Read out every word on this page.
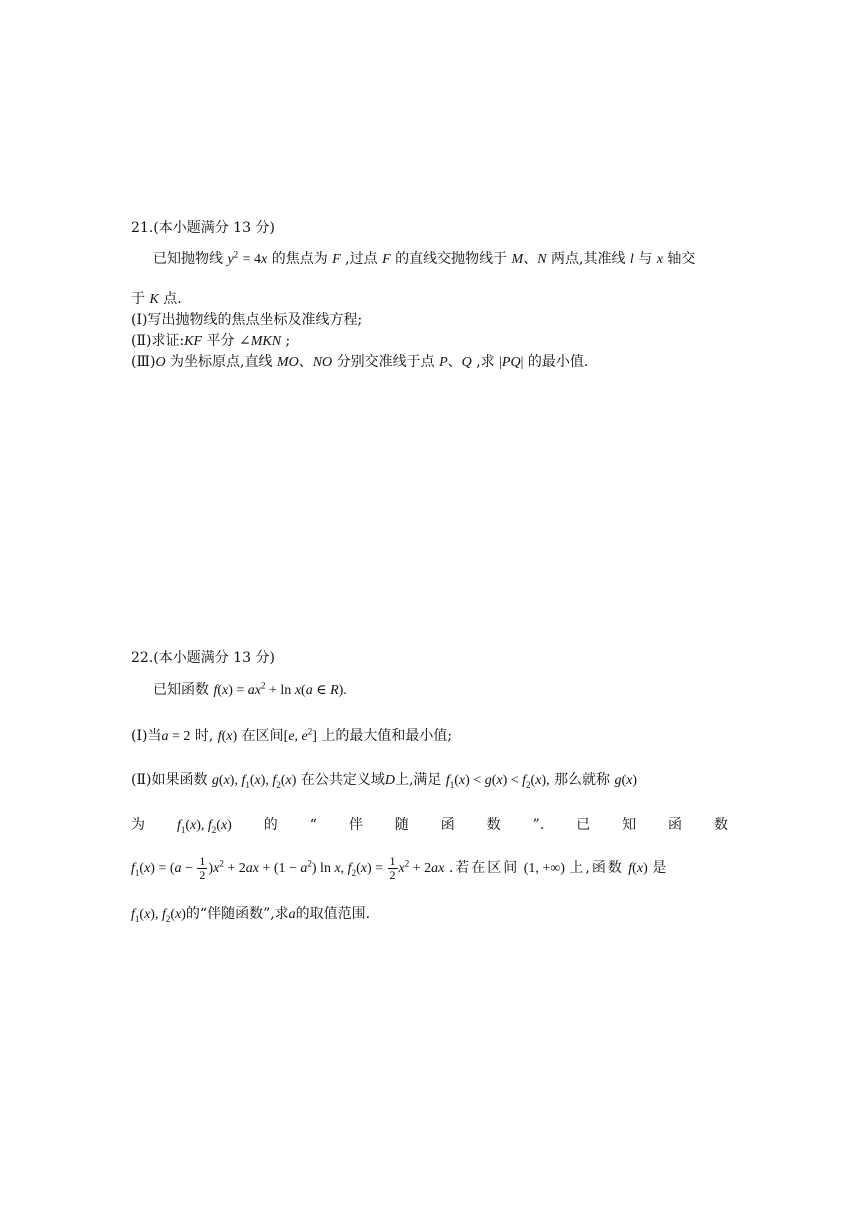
21.(本小题满分 13 分)
已知抛物线 $y^2 = 4x$ 的焦点为 F ,过点 F 的直线交抛物线于 M、N 两点,其准线 l 与 x 轴交
于 K 点.
(Ⅰ)写出抛物线的焦点坐标及准线方程;
(Ⅱ)求证:KF 平分 ∠MKN ;
(Ⅲ)O 为坐标原点,直线 MO、NO 分别交准线于点 P、Q ,求 |PQ| 的最小值.
22.(本小题满分 13 分)
已知函数 $f(x) = ax^2 + \ln x(a$ ∈ R).
(Ⅰ)当a = 2 时, f(x) 在区间[e, $e^2$] 上的最大值和最小值;
(Ⅱ)如果函数 g(x), $f_1(x)$, $f_2(x)$ 在公共定义域D上,满足 $f_1(x) < g(x) < f_2(x)$, 那么就称 g(x)
为 $f_1(x)$, $f_2(x)$ 的 “ 伴 随 函 数 ”. 已 知 函 数
$f_1(x) = (a - \frac{1}{2} )x^2 + 2ax + (1 - a^2)$ ln x, $f_2(x) = \frac{1}{2} x^2 + 2ax$ .若在区间 (1, +∞) 上,函数 f(x) 是
$f_1(x)$, $f_2(x)$的“伴随函数”,求a的取值范围.
